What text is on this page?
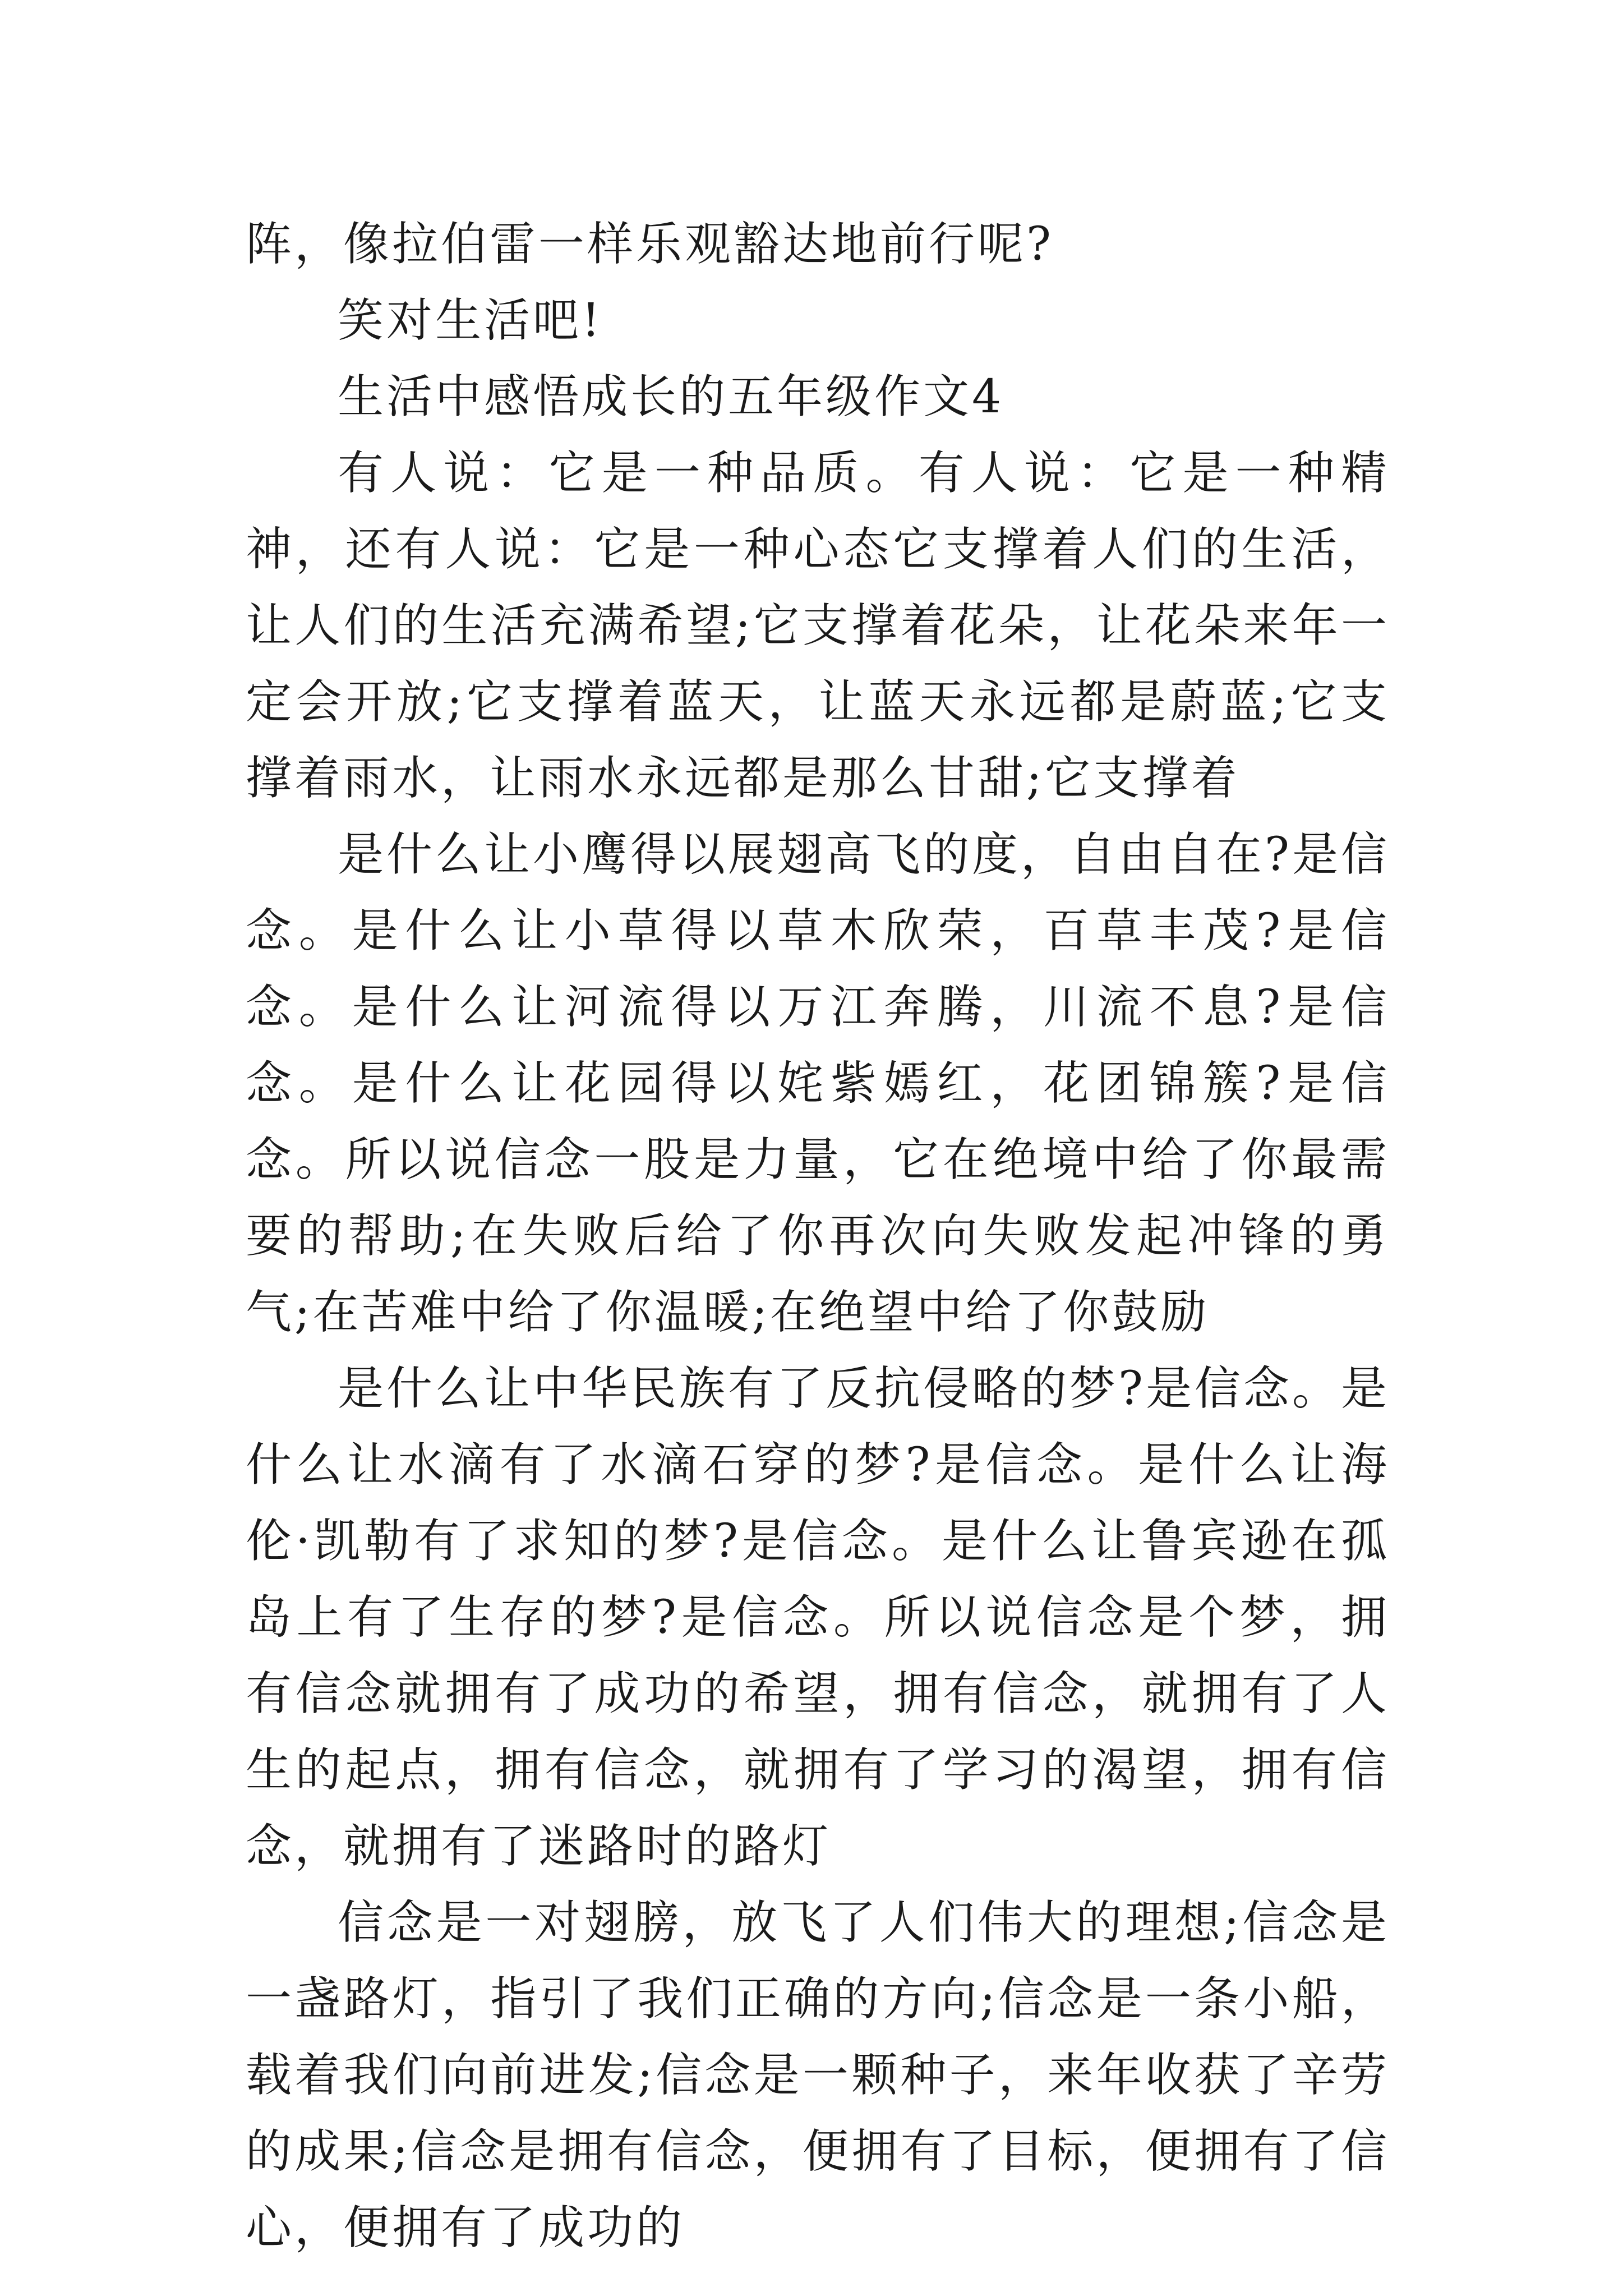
阵，像拉伯雷一样乐观豁达地前行呢?

笑对生活吧!

生活中感悟成长的五年级作文4

有人说：它是一种品质。有人说：它是一种精神，还有人说：它是一种心态它支撑着人们的生活，让人们的生活充满希望;它支撑着花朵，让花朵来年一定会开放;它支撑着蓝天，让蓝天永远都是蔚蓝;它支撑着雨水，让雨水永远都是那么甘甜;它支撑着

是什么让小鹰得以展翅高飞的度，自由自在?是信念。是什么让小草得以草木欣荣，百草丰茂?是信念。是什么让河流得以万江奔腾，川流不息?是信念。是什么让花园得以姹紫嫣红，花团锦簇?是信念。所以说信念一股是力量，它在绝境中给了你最需要的帮助;在失败后给了你再次向失败发起冲锋的勇气;在苦难中给了你温暖;在绝望中给了你鼓励

是什么让中华民族有了反抗侵略的梦?是信念。是什么让水滴有了水滴石穿的梦?是信念。是什么让海伦·凯勒有了求知的梦?是信念。是什么让鲁宾逊在孤岛上有了生存的梦?是信念。所以说信念是个梦，拥有信念就拥有了成功的希望，拥有信念，就拥有了人生的起点，拥有信念，就拥有了学习的渴望，拥有信念，就拥有了迷路时的路灯

信念是一对翅膀，放飞了人们伟大的理想;信念是一盏路灯，指引了我们正确的方向;信念是一条小船，载着我们向前进发;信念是一颗种子，来年收获了辛劳的成果;信念是拥有信念，便拥有了目标，便拥有了信心，便拥有了成功的
